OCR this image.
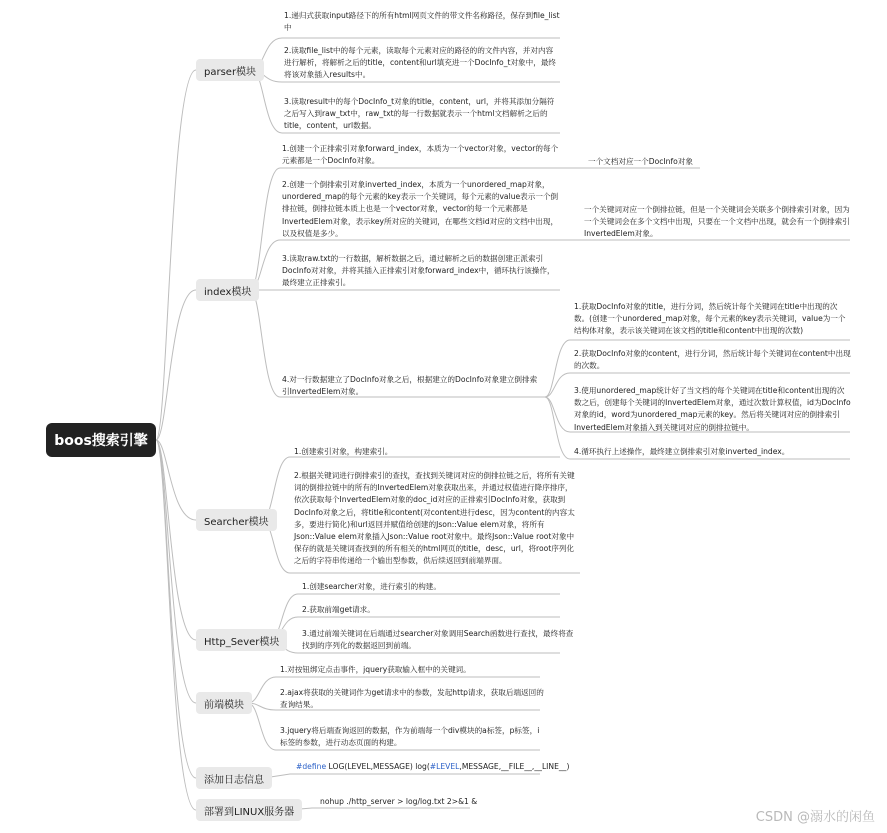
boos搜索引擎
parser模块
index模块
Searcher模块
Http_Sever模块
前端模块
添加日志信息
部署到LINUX服务器
1.递归式获取input路径下的所有html网页文件的带文件名称路径，保存到file_list中
2.读取file_list中的每个元素，读取每个元素对应的路径的的文件内容，并对内容进行解析，将解析之后的title，content和url填充进一个DocInfo_t对象中，最终将该对象插入results中。
3.读取result中的每个DocInfo_t对象的title，content，url，并将其添加分隔符之后写入到raw_txt中，raw_txt的每一行数据就表示一个html文档解析之后的 title，content，url数据。
1.创建一个正排索引对象forward_index，本质为一个vector对象，vector的每个元素都是一个DocInfo对象。
2.创建一个倒排索引对象inverted_index，本质为一个unordered_map对象，unordered_map的每个元素的key表示一个关键词，每个元素的value表示一个倒排拉链，倒排拉链本质上也是一个vector对象，vector的每一个元素都是InvertedElem对象，表示key所对应的关键词，在哪些文档id对应的文档中出现，以及权值是多少。
3.读取raw.txt的一行数据，解析数据之后，通过解析之后的数据创建正派索引DocInfo对对象，并将其插入正排索引对象forward_index中，循环执行该操作，最终建立正排索引。
4.对一行数据建立了DocInfo对象之后，根据建立的DocInfo对象建立倒排索引InvertedElem对象。
一个文档对应一个DocInfo对象
一个关键词对应一个倒排拉链，但是一个关键词会关联多个倒排索引对象，因为一个关键词会在多个文档中出现，只要在一个文档中出现，就会有一个倒排索引InvertedElem对象。
1.获取DocInfo对象的title，进行分词，然后统计每个关键词在title中出现的次数。(创建一个unordered_map对象，每个元素的key表示关键词，value为一个结构体对象，表示该关键词在该文档的title和content中出现的次数)
2.获取DocInfo对象的content，进行分词，然后统计每个关键词在content中出现的次数。
3.使用unordered_map统计好了当文档的每个关键词在title和content出现的次数之后，创建每个关键词的InvertedElem对象，通过次数计算权值，id为DocInfo对象的id，word为unordered_map元素的key。然后将关键词对应的倒排索引InvertedElem对象插入到关键词对应的倒排拉链中。
4.循环执行上述操作，最终建立倒排索引对象inverted_index。
1.创建索引对象，构建索引。
2.根据关键词进行倒排索引的查找，查找到关键词对应的倒排拉链之后，将所有关键词的倒排拉链中的所有的InvertedElem对象获取出来，并通过权值进行降序排序，依次获取每个InvertedElem对象的doc_id对应的正排索引DocInfo对象，获取到DocInfo对象之后，将title和content(对content进行desc，因为content的内容太多，要进行简化)和url返回并赋值给创建的Json::Value elem对象，将所有Json::Value elem对象插入Json::Value root对象中。最终Json::Value root对象中保存的就是关键词查找到的所有相关的html网页的title，desc，url，将root序列化之后的字符串传递给一个输出型参数，供后续返回到前端界面。
1.创建searcher对象，进行索引的构建。
2.获取前端get请求。
3.通过前端关键词在后端通过searcher对象调用Search函数进行查找，最终将查找到的序列化的数据返回到前端。
1.对按钮绑定点击事件，jquery获取输入框中的关键词。
2.ajax将获取的关键词作为get请求中的参数，发起http请求，获取后端返回的查询结果。
3.jquery将后端查询返回的数据，作为前端每一个div模块的a标签，p标签，i标签的参数，进行动态页面的构建。
#define LOG(LEVEL,MESSAGE) log(#LEVEL,MESSAGE,__FILE__,__LINE__)
nohup ./http_server > log/log.txt 2>&1 &
CSDN @溺水的闲鱼
